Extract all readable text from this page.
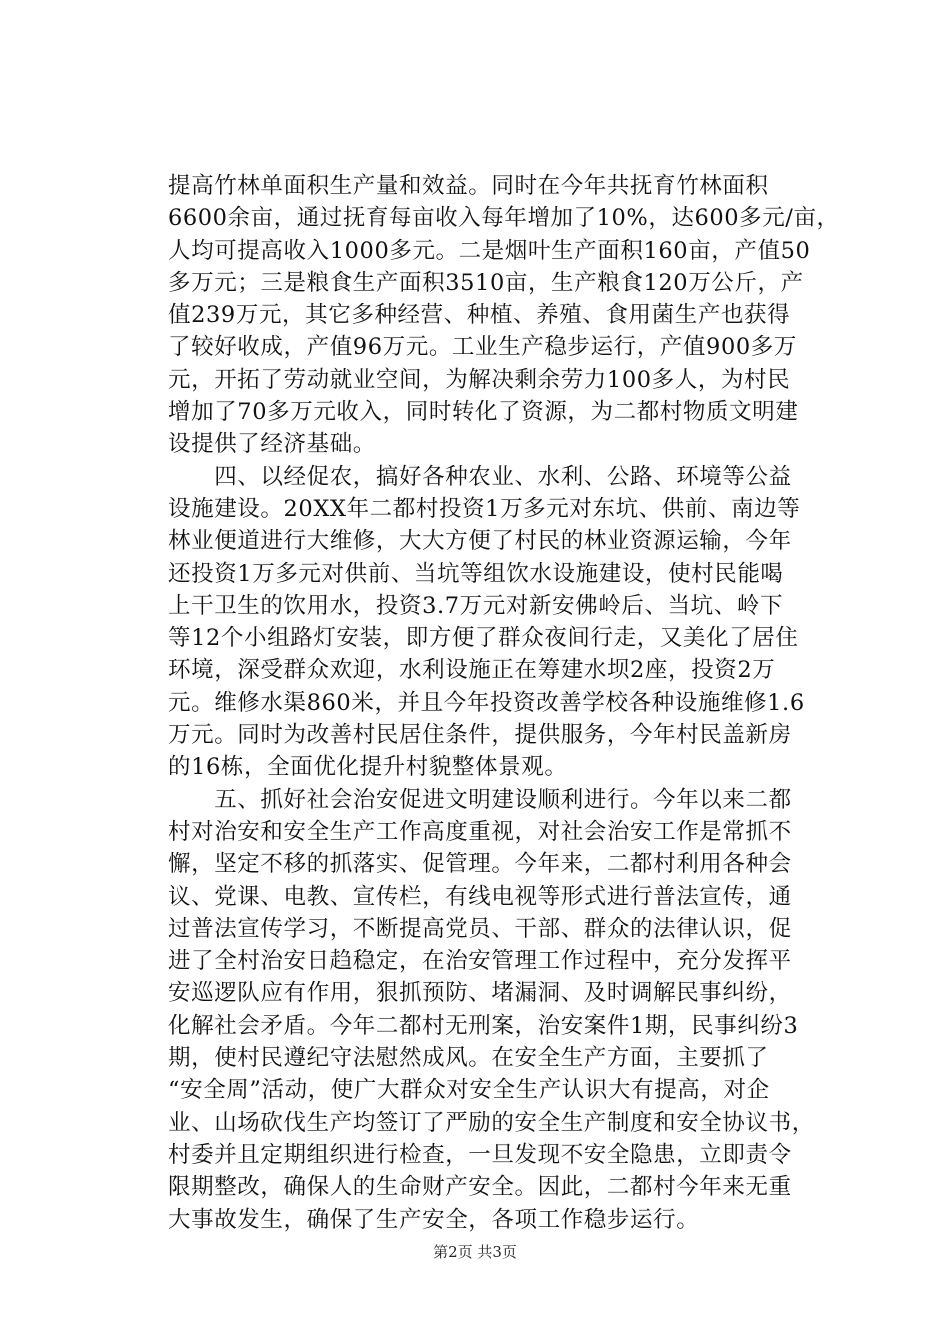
提高竹林单面积生产量和效益。同时在今年共抚育竹林面积
6600余亩，通过抚育每亩收入每年增加了10%，达600多元/亩，
人均可提高收入1000多元。二是烟叶生产面积160亩，产值50
多万元；三是粮食生产面积3510亩，生产粮食120万公斤，产
值239万元，其它多种经营、种植、养殖、食用菌生产也获得
了较好收成，产值96万元。工业生产稳步运行，产值900多万
元，开拓了劳动就业空间，为解决剩余劳力100多人，为村民
增加了70多万元收入，同时转化了资源，为二都村物质文明建
设提供了经济基础。
　　四、以经促农，搞好各种农业、水利、公路、环境等公益
设施建设。20XX年二都村投资1万多元对东坑、供前、南边等
林业便道进行大维修，大大方便了村民的林业资源运输，今年
还投资1万多元对供前、当坑等组饮水设施建设，使村民能喝
上干卫生的饮用水，投资3.7万元对新安佛岭后、当坑、岭下
等12个小组路灯安装，即方便了群众夜间行走，又美化了居住
环境，深受群众欢迎，水利设施正在筹建水坝2座，投资2万
元。维修水渠860米，并且今年投资改善学校各种设施维修1.6
万元。同时为改善村民居住条件，提供服务，今年村民盖新房
的16栋，全面优化提升村貌整体景观。
　　五、抓好社会治安促进文明建设顺利进行。今年以来二都
村对治安和安全生产工作高度重视，对社会治安工作是常抓不
懈，坚定不移的抓落实、促管理。今年来，二都村利用各种会
议、党课、电教、宣传栏，有线电视等形式进行普法宣传，通
过普法宣传学习，不断提高党员、干部、群众的法律认识，促
进了全村治安日趋稳定，在治安管理工作过程中，充分发挥平
安巡逻队应有作用，狠抓预防、堵漏洞、及时调解民事纠纷，
化解社会矛盾。今年二都村无刑案，治安案件1期，民事纠纷3
期，使村民遵纪守法慰然成风。在安全生产方面，主要抓了
“安全周”活动，使广大群众对安全生产认识大有提高，对企
业、山场砍伐生产均签订了严励的安全生产制度和安全协议书，
村委并且定期组织进行检查，一旦发现不安全隐患，立即责令
限期整改，确保人的生命财产安全。因此，二都村今年来无重
大事故发生，确保了生产安全，各项工作稳步运行。
第2页 共3页
